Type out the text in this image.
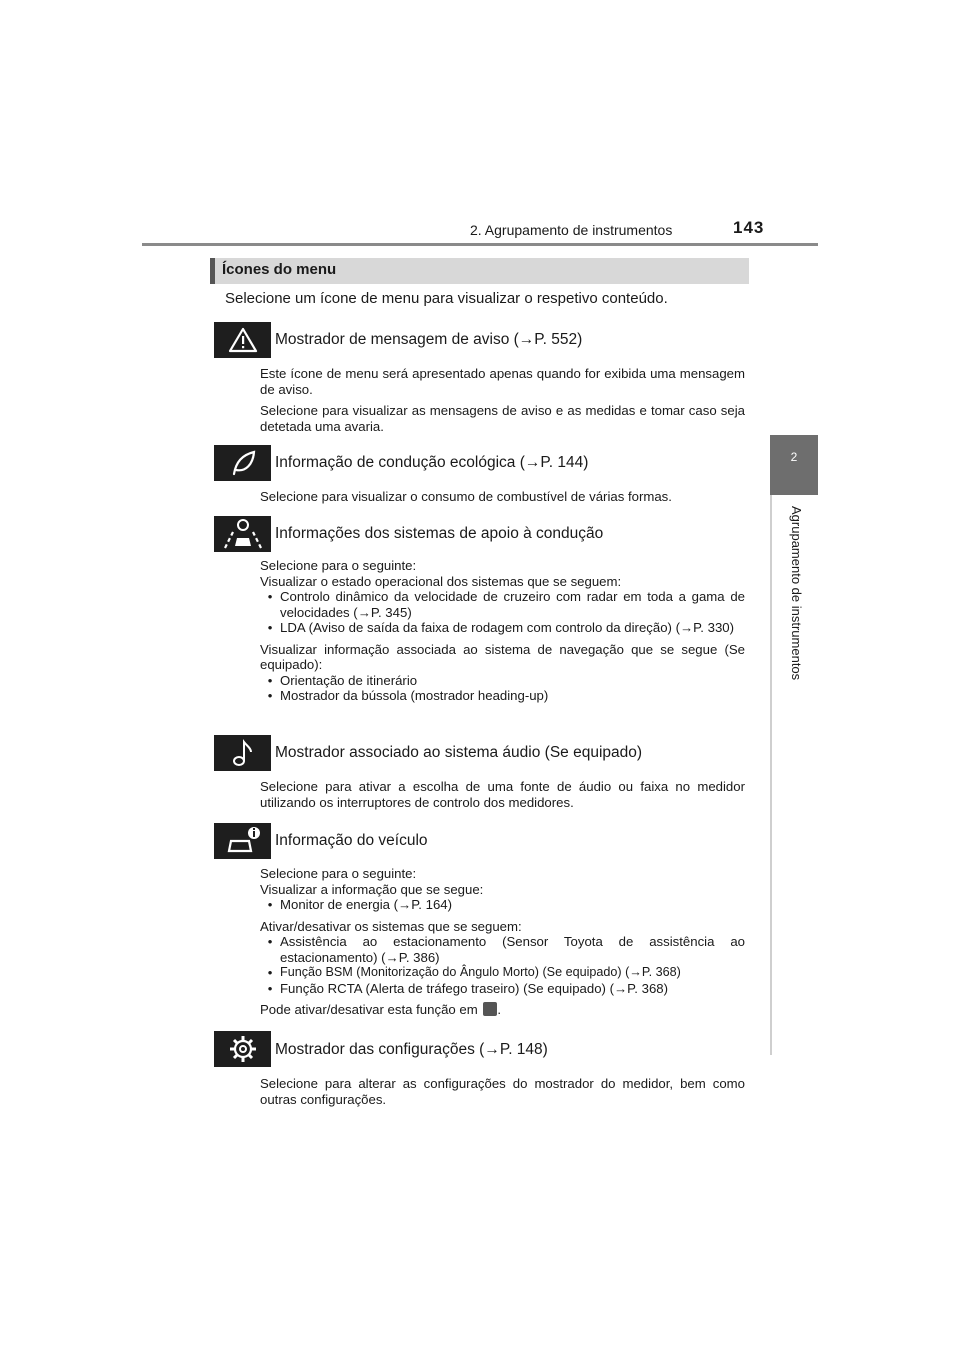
2. Agrupamento de instrumentos	143
2
Agrupamento de instrumentos
Ícones do menu
Selecione um ícone de menu para visualizar o respetivo conteúdo.
Mostrador de mensagem de aviso (→P. 552)

Este ícone de menu será apresentado apenas quando for exibida uma mensagem de aviso.

Selecione para visualizar as mensagens de aviso e as medidas e tomar caso seja detetada uma avaria.

Informação de condução ecológica (→P. 144)

Selecione para visualizar o consumo de combustível de várias formas.

Informações dos sistemas de apoio à condução

Selecione para o seguinte:

Visualizar o estado operacional dos sistemas que se seguem:

• Controlo dinâmico da velocidade de cruzeiro com radar em toda a gama de velocidades (→P. 345)
• LDA (Aviso de saída da faixa de rodagem com controlo da direção) (→P. 330)

Visualizar informação associada ao sistema de navegação que se segue (Se equipado):

• Orientação de itinerário
• Mostrador da bússola (mostrador heading-up)
Mostrador associado ao sistema áudio (Se equipado)

Selecione para ativar a escolha de uma fonte de áudio ou faixa no medidor utilizando os interruptores de controlo dos medidores.

Informação do veículo

Selecione para o seguinte:

Visualizar a informação que se segue:

• Monitor de energia (→P. 164)

Ativar/desativar os sistemas que se seguem:

• Assistência ao estacionamento (Sensor Toyota de assistência ao estacionamento) (→P. 386)
• Função BSM (Monitorização do Ângulo Morto) (Se equipado) (→P. 368)
• Função RCTA (Alerta de tráfego traseiro) (Se equipado) (→P. 368)

Pode ativar/desativar esta função em .

Mostrador das configurações (→P. 148)

Selecione para alterar as configurações do mostrador do medidor, bem como outras configurações.
